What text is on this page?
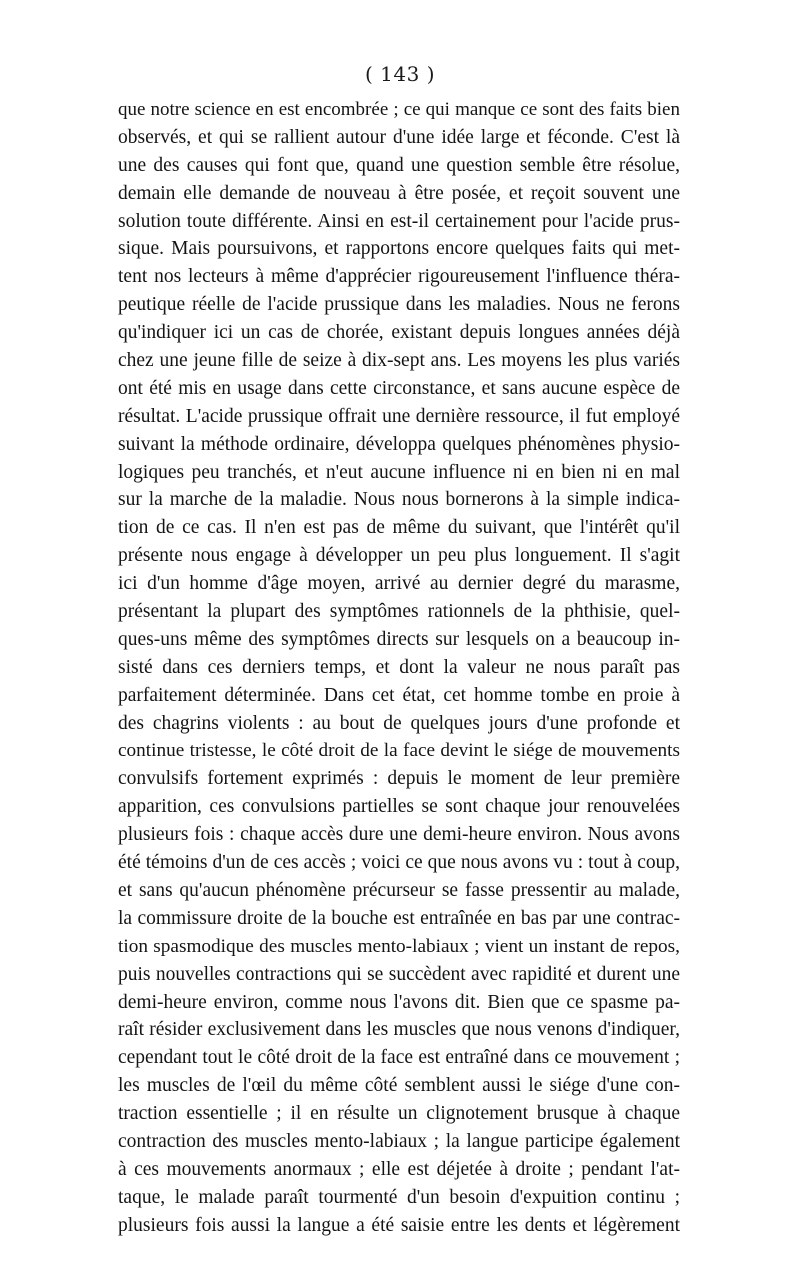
( 143 )
que notre science en est encombrée ; ce qui manque ce sont des faits bien
observés, et qui se rallient autour d'une idée large et féconde. C'est là
une des causes qui font que, quand une question semble être résolue,
demain elle demande de nouveau à être posée, et reçoit souvent une
solution toute différente. Ainsi en est-il certainement pour l'acide prus-
sique. Mais poursuivons, et rapportons encore quelques faits qui met-
tent nos lecteurs à même d'apprécier rigoureusement l'influence théra-
peutique réelle de l'acide prussique dans les maladies. Nous ne ferons
qu'indiquer ici un cas de chorée, existant depuis longues années déjà
chez une jeune fille de seize à dix-sept ans. Les moyens les plus variés
ont été mis en usage dans cette circonstance, et sans aucune espèce de
résultat. L'acide prussique offrait une dernière ressource, il fut employé
suivant la méthode ordinaire, développa quelques phénomènes physio-
logiques peu tranchés, et n'eut aucune influence ni en bien ni en mal
sur la marche de la maladie. Nous nous bornerons à la simple indica-
tion de ce cas. Il n'en est pas de même du suivant, que l'intérêt qu'il
présente nous engage à développer un peu plus longuement. Il s'agit
ici d'un homme d'âge moyen, arrivé au dernier degré du marasme,
présentant la plupart des symptômes rationnels de la phthisie, quel-
ques-uns même des symptômes directs sur lesquels on a beaucoup in-
sisté dans ces derniers temps, et dont la valeur ne nous paraît pas
parfaitement déterminée. Dans cet état, cet homme tombe en proie à
des chagrins violents : au bout de quelques jours d'une profonde et
continue tristesse, le côté droit de la face devint le siége de mouvements
convulsifs fortement exprimés : depuis le moment de leur première
apparition, ces convulsions partielles se sont chaque jour renouvelées
plusieurs fois : chaque accès dure une demi-heure environ. Nous avons
été témoins d'un de ces accès ; voici ce que nous avons vu : tout à coup,
et sans qu'aucun phénomène précurseur se fasse pressentir au malade,
la commissure droite de la bouche est entraînée en bas par une contrac-
tion spasmodique des muscles mento-labiaux ; vient un instant de repos,
puis nouvelles contractions qui se succèdent avec rapidité et durent une
demi-heure environ, comme nous l'avons dit. Bien que ce spasme pa-
raît résider exclusivement dans les muscles que nous venons d'indiquer,
cependant tout le côté droit de la face est entraîné dans ce mouvement ;
les muscles de l'œil du même côté semblent aussi le siége d'une con-
traction essentielle ; il en résulte un clignotement brusque à chaque
contraction des muscles mento-labiaux ; la langue participe également
à ces mouvements anormaux ; elle est déjetée à droite ; pendant l'at-
taque, le malade paraît tourmenté d'un besoin d'expuition continu ;
plusieurs fois aussi la langue a été saisie entre les dents et légèrement
